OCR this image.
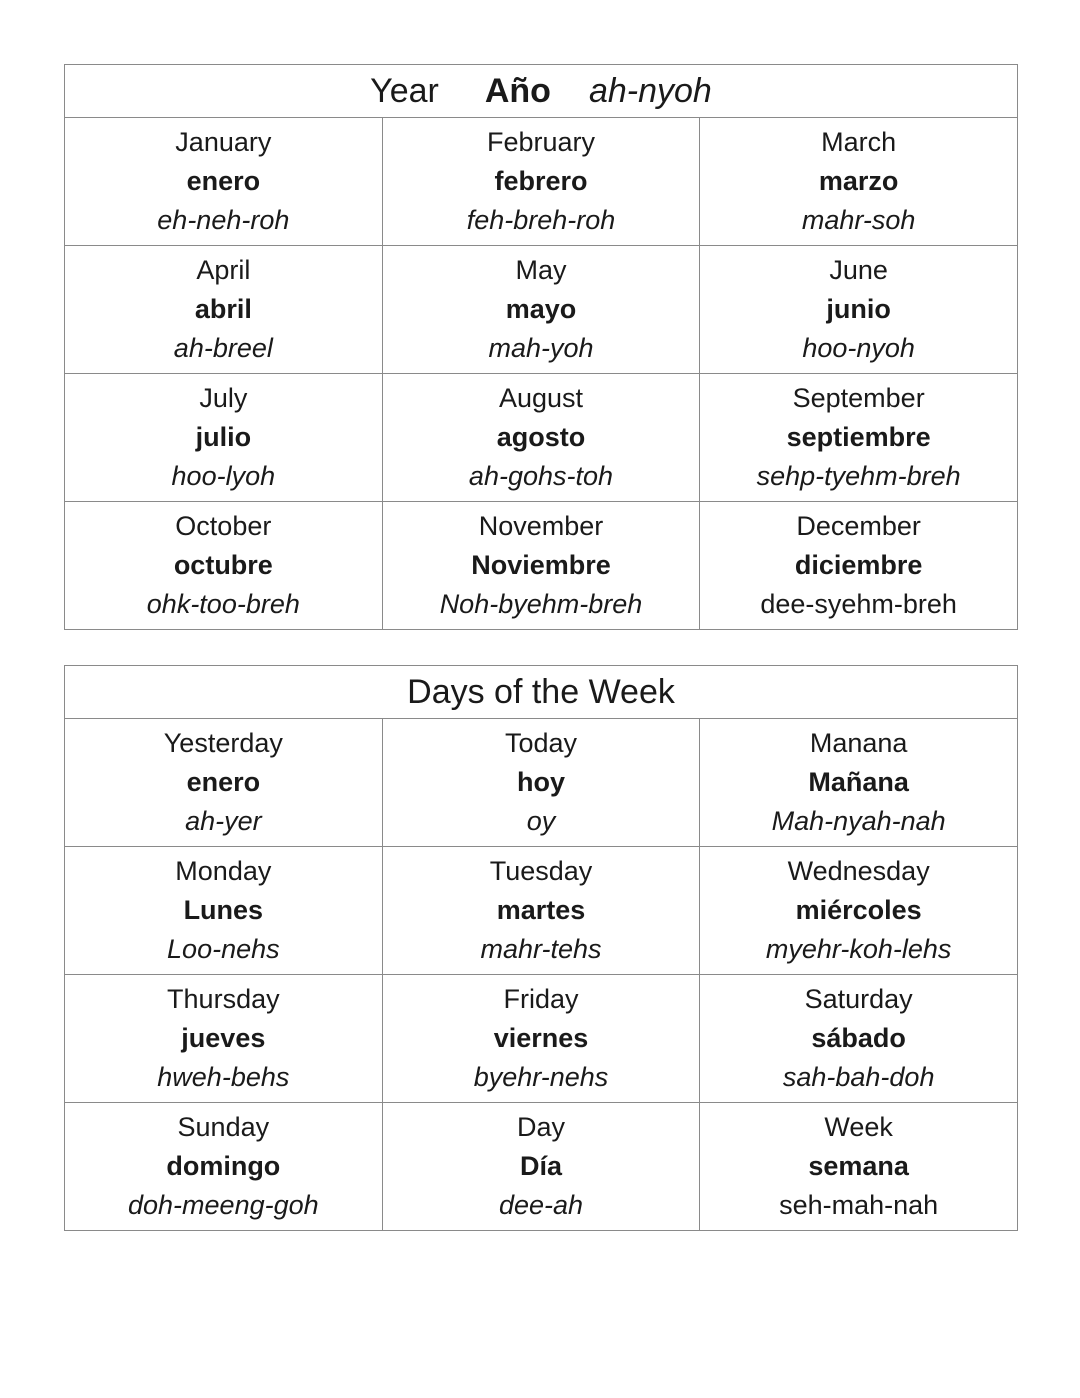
Year Año ah-nyoh		

January
enero
eh-neh-roh	February
febrero
feh-breh-roh	March
marzo
mahr-soh

April
abril
ah-breel	May
mayo
mah-yoh	June
junio
hoo-nyoh

July
julio
hoo-lyoh	August
agosto
ah-gohs-toh	September
septiembre
sehp-tyehm-breh

October
octubre
ohk-too-breh	November
Noviembre
Noh-byehm-breh	December
diciembre
dee-syehm-breh
Days of the Week		

Yesterday
enero
ah-yer	Today
hoy
oy	Manana
Mañana
Mah-nyah-nah

Monday
Lunes
Loo-nehs	Tuesday
martes
mahr-tehs	Wednesday
miércoles
myehr-koh-lehs

Thursday
jueves
hweh-behs	Friday
viernes
byehr-nehs	Saturday
sábado
sah-bah-doh

Sunday
domingo
doh-meeng-goh	Day
Día
dee-ah	Week
semana
seh-mah-nah
